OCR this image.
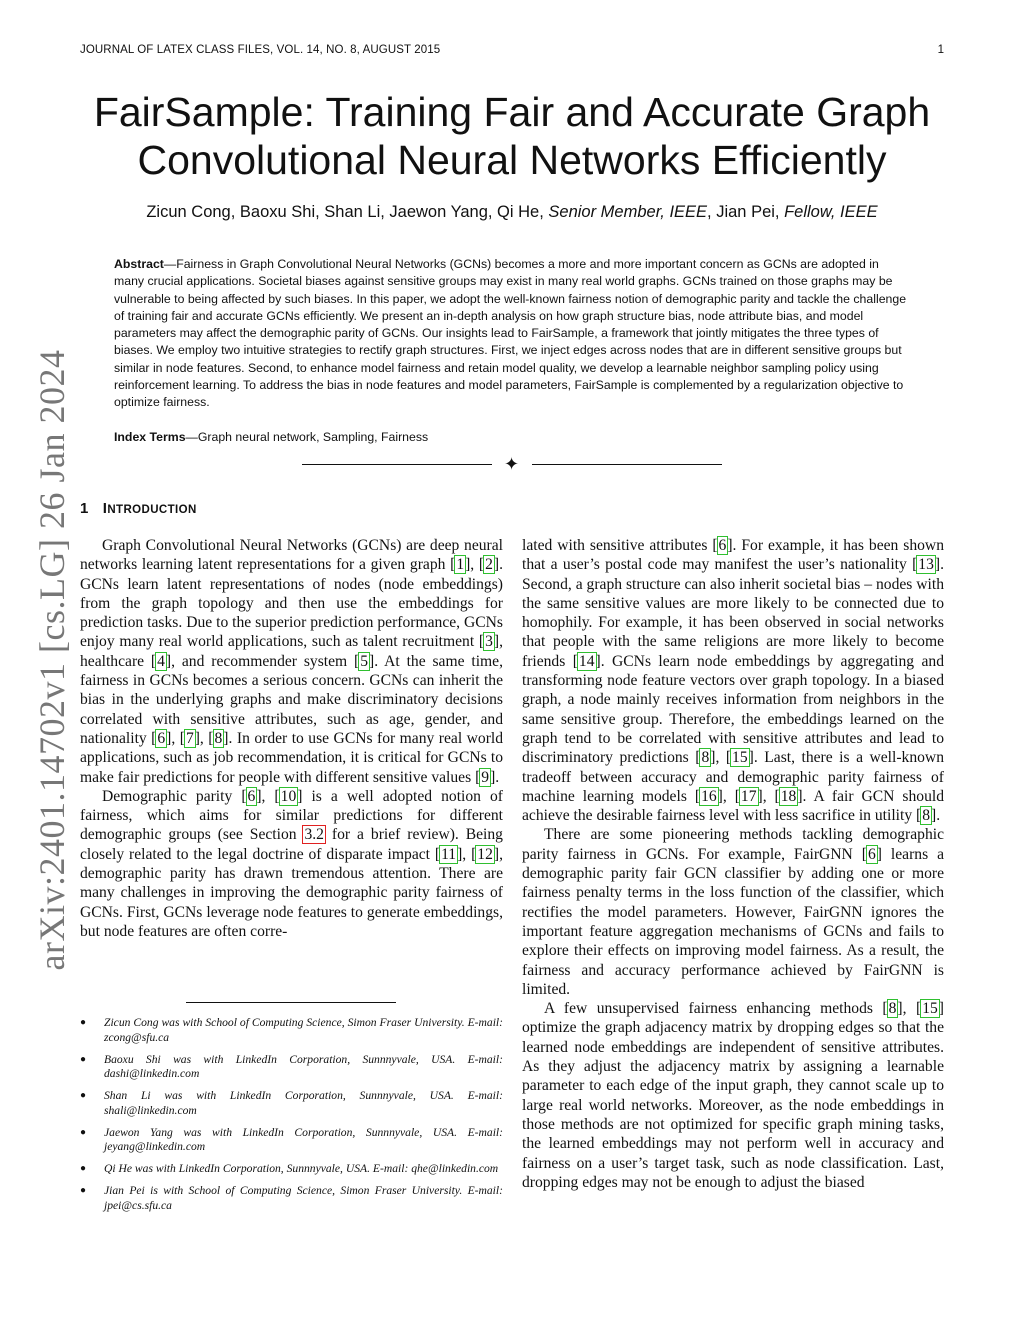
JOURNAL OF LATEX CLASS FILES, VOL. 14, NO. 8, AUGUST 2015	1
arXiv:2401.14702v1 [cs.LG] 26 Jan 2024
FairSample: Training Fair and Accurate Graph
Convolutional Neural Networks Efficiently
Zicun Cong, Baoxu Shi, Shan Li, Jaewon Yang, Qi He, Senior Member, IEEE, Jian Pei, Fellow, IEEE

Abstract—Fairness in Graph Convolutional Neural Networks (GCNs) becomes a more and more important concern as GCNs are adopted in many crucial applications. Societal biases against sensitive groups may exist in many real world graphs. GCNs trained on those graphs may be vulnerable to being affected by such biases. In this paper, we adopt the well-known fairness notion of demographic parity and tackle the challenge of training fair and accurate GCNs efficiently. We present an in-depth analysis on how graph structure bias, node attribute bias, and model parameters may affect the demographic parity of GCNs. Our insights lead to FairSample, a framework that jointly mitigates the three types of biases. We employ two intuitive strategies to rectify graph structures. First, we inject edges across nodes that are in different sensitive groups but similar in node features. Second, to enhance model fairness and retain model quality, we develop a learnable neighbor sampling policy using reinforcement learning. To address the bias in node features and model parameters, FairSample is complemented by a regularization objective to optimize fairness.

Index Terms—Graph neural network, Sampling, Fairness

✦
1 INTRODUCTION

Graph Convolutional Neural Networks (GCNs) are deep neural networks learning latent representations for a given graph [1], [2]. GCNs learn latent representations of nodes (node embeddings) from the graph topology and then use the embeddings for prediction tasks. Due to the superior prediction performance, GCNs enjoy many real world applications, such as talent recruitment [3], healthcare [4], and recommender system [5]. At the same time, fairness in GCNs becomes a serious concern. GCNs can inherit the bias in the underlying graphs and make discriminatory decisions correlated with sensitive attributes, such as age, gender, and nationality [6], [7], [8]. In order to use GCNs for many real world applications, such as job recommendation, it is critical for GCNs to make fair predictions for people with different sensitive values [9].

Demographic parity [6], [10] is a well adopted notion of fairness, which aims for similar predictions for different demographic groups (see Section 3.2 for a brief review). Being closely related to the legal doctrine of disparate impact [11], [12], demographic parity has drawn tremendous attention. There are many challenges in improving the demographic parity fairness of GCNs. First, GCNs leverage node features to generate embeddings, but node features are often corre-

● Zicun Cong was with School of Computing Science, Simon Fraser University. E-mail: zcong@sfu.ca
● Baoxu Shi was with LinkedIn Corporation, Sunnnyvale, USA. E-mail: dashi@linkedin.com
● Shan Li was with LinkedIn Corporation, Sunnnyvale, USA. E-mail: shali@linkedin.com
● Jaewon Yang was with LinkedIn Corporation, Sunnnyvale, USA. E-mail: jeyang@linkedin.com
● Qi He was with LinkedIn Corporation, Sunnnyvale, USA. E-mail: qhe@linkedin.com
● Jian Pei is with School of Computing Science, Simon Fraser University. E-mail: jpei@cs.sfu.ca

lated with sensitive attributes [6]. For example, it has been shown that a user’s postal code may manifest the user’s nationality [13]. Second, a graph structure can also inherit societal bias – nodes with the same sensitive values are more likely to be connected due to homophily. For example, it has been observed in social networks that people with the same religions are more likely to become friends [14]. GCNs learn node embeddings by aggregating and transforming node feature vectors over graph topology. In a biased graph, a node mainly receives information from neighbors in the same sensitive group. Therefore, the embeddings learned on the graph tend to be correlated with sensitive attributes and lead to discriminatory predictions [8], [15]. Last, there is a well-known tradeoff between accuracy and demographic parity fairness of machine learning models [16], [17], [18]. A fair GCN should achieve the desirable fairness level with less sacrifice in utility [8].

There are some pioneering methods tackling demographic parity fairness in GCNs. For example, FairGNN [6] learns a demographic parity fair GCN classifier by adding one or more fairness penalty terms in the loss function of the classifier, which rectifies the model parameters. However, FairGNN ignores the important feature aggregation mechanisms of GCNs and fails to explore their effects on improving model fairness. As a result, the fairness and accuracy performance achieved by FairGNN is limited.

A few unsupervised fairness enhancing methods [8], [15] optimize the graph adjacency matrix by dropping edges so that the learned node embeddings are independent of sensitive attributes. As they adjust the adjacency matrix by assigning a learnable parameter to each edge of the input graph, they cannot scale up to large real world networks. Moreover, as the node embeddings in those methods are not optimized for specific graph mining tasks, the learned embeddings may not perform well in accuracy and fairness on a user’s target task, such as node classification. Last, dropping edges may not be enough to adjust the biased
